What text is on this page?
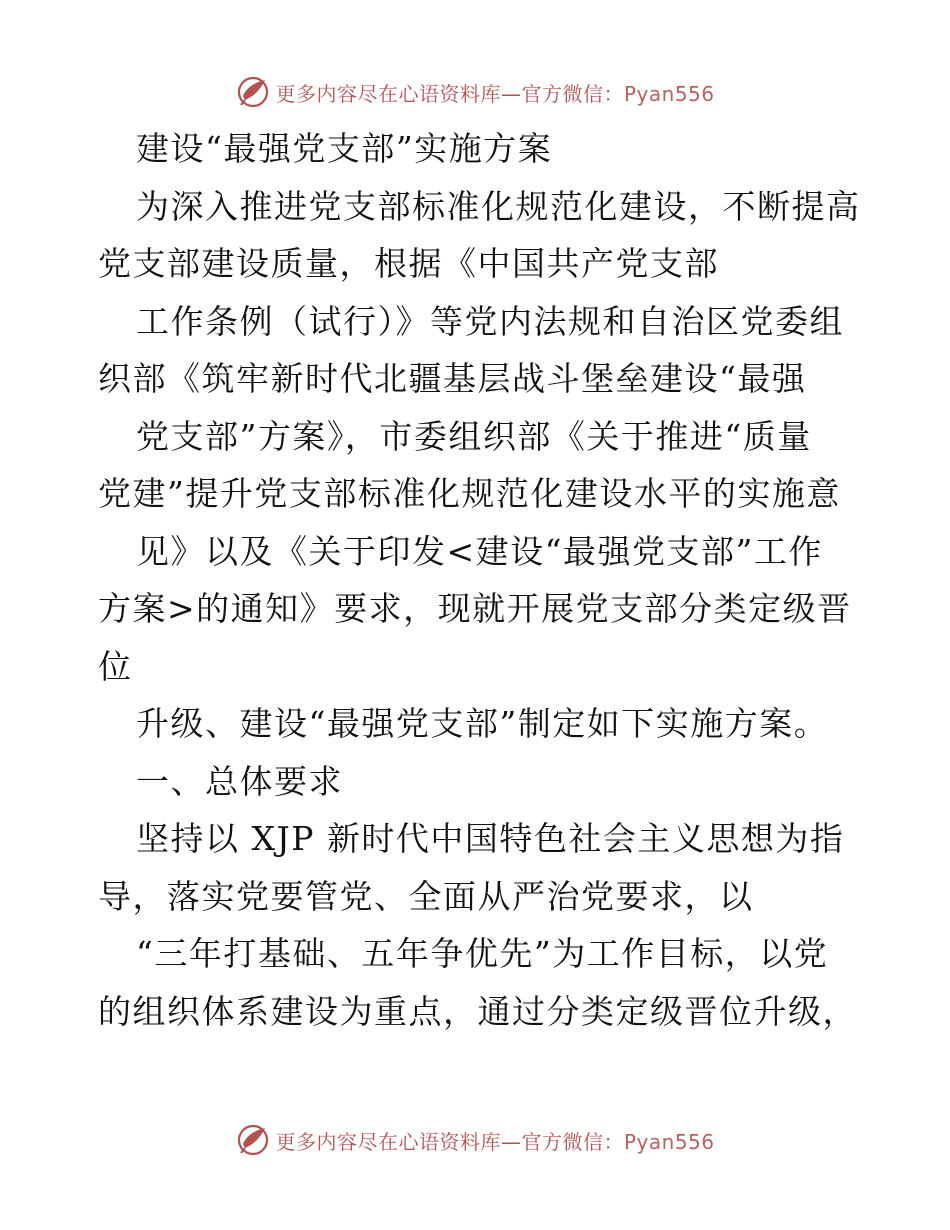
更多内容尽在心语资料库—官方微信：Pyan556
建设“最强党支部”实施方案
为深入推进党支部标准化规范化建设，不断提高
党支部建设质量，根据《中国共产党支部
工作条例（试行）》等党内法规和自治区党委组
织部《筑牢新时代北疆基层战斗堡垒建设“最强
党支部”方案》，市委组织部《关于推进“质量
党建”提升党支部标准化规范化建设水平的实施意
见》以及《关于印发<建设“最强党支部”工作
方案>的通知》要求，现就开展党支部分类定级晋
位
升级、建设“最强党支部”制定如下实施方案。
一、总体要求
坚持以 XJP 新时代中国特色社会主义思想为指
导，落实党要管党、全面从严治党要求，以
“三年打基础、五年争优先”为工作目标，以党
的组织体系建设为重点，通过分类定级晋位升级，
更多内容尽在心语资料库—官方微信：Pyan556
